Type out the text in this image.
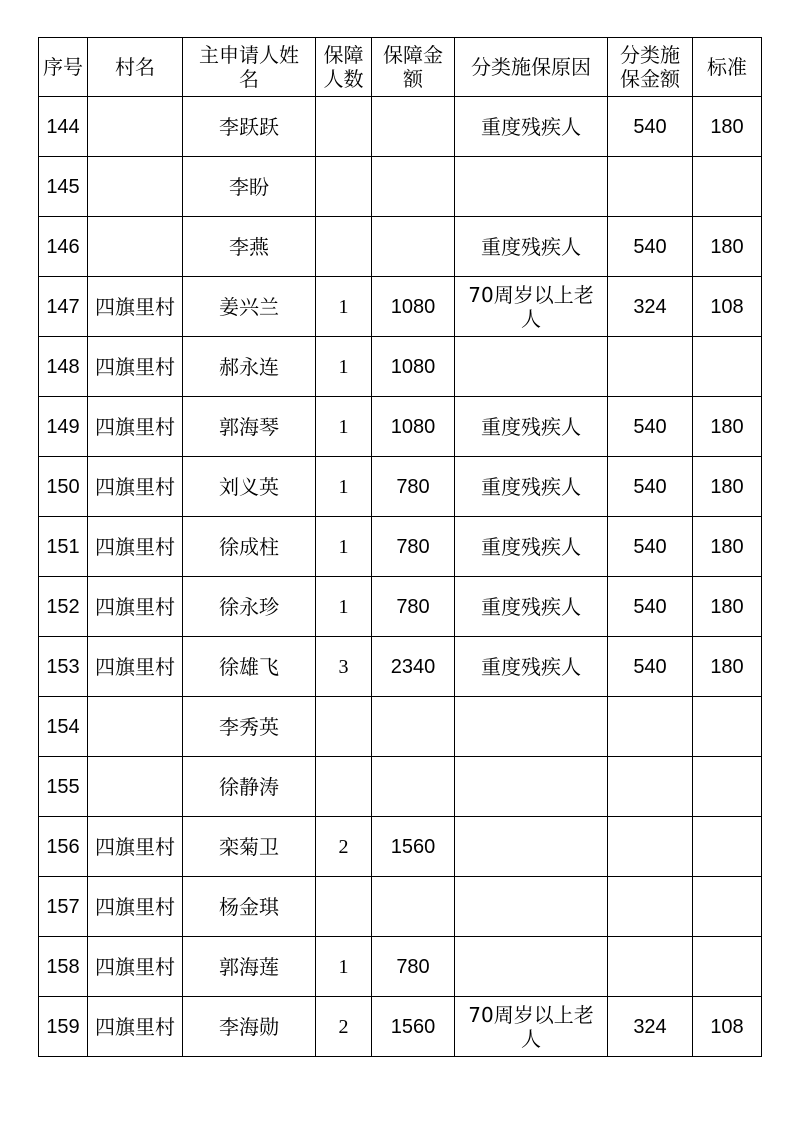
序号	村名	主申请人姓名	保障人数	保障金额	分类施保原因	分类施保金额	标准
144		李跃跃			重度残疾人	540	180
145		李盼					
146		李燕			重度残疾人	540	180
147	四旗里村	姜兴兰	1	1080	70周岁以上老人	324	108
148	四旗里村	郝永连	1	1080			
149	四旗里村	郭海琴	1	1080	重度残疾人	540	180
150	四旗里村	刘义英	1	780	重度残疾人	540	180
151	四旗里村	徐成柱	1	780	重度残疾人	540	180
152	四旗里村	徐永珍	1	780	重度残疾人	540	180
153	四旗里村	徐雄飞	3	2340	重度残疾人	540	180
154		李秀英					
155		徐静涛					
156	四旗里村	栾菊卫	2	1560			
157	四旗里村	杨金琪					
158	四旗里村	郭海莲	1	780			
159	四旗里村	李海勋	2	1560	70周岁以上老人	324	108
